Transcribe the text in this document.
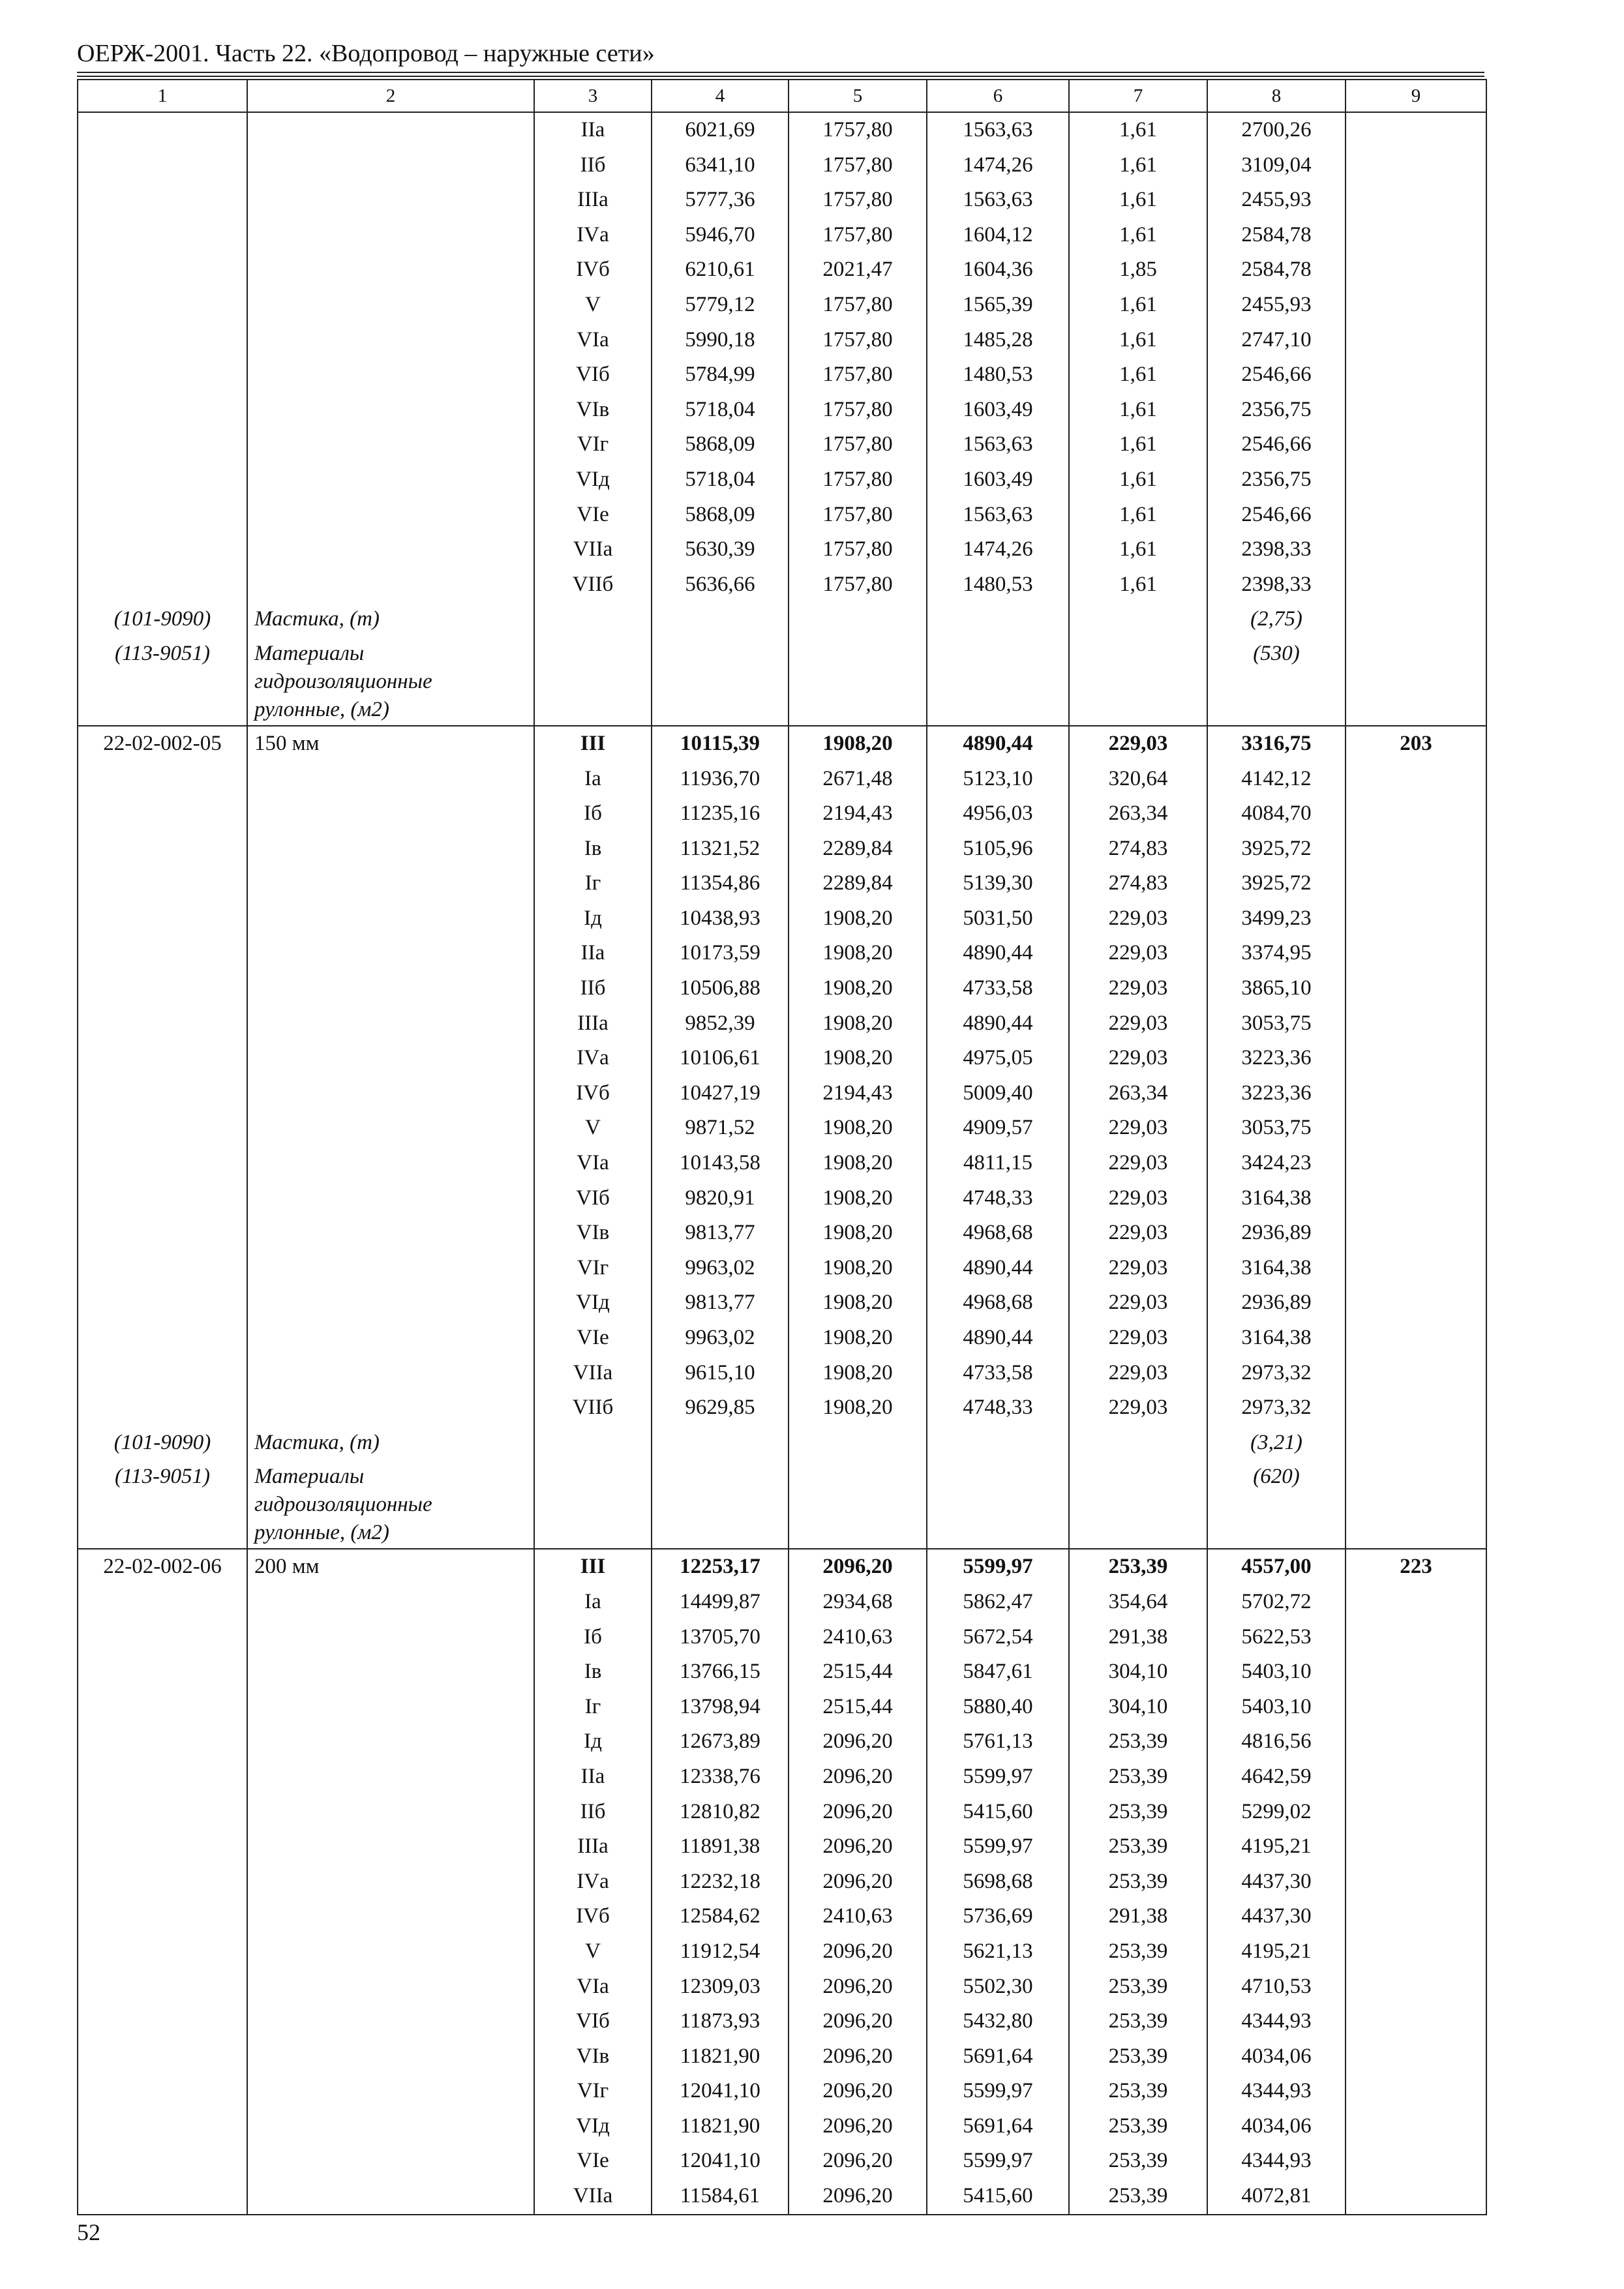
ОЕРЖ-2001. Часть 22. «Водопровод – наружные сети»
1	2	3	4	5	6	7	8	9
		IIа	6021,69	1757,80	1563,63	1,61	2700,26	
		IIб	6341,10	1757,80	1474,26	1,61	3109,04	
		IIIа	5777,36	1757,80	1563,63	1,61	2455,93	
		IVа	5946,70	1757,80	1604,12	1,61	2584,78	
		IVб	6210,61	2021,47	1604,36	1,85	2584,78	
		V	5779,12	1757,80	1565,39	1,61	2455,93	
		VIа	5990,18	1757,80	1485,28	1,61	2747,10	
		VIб	5784,99	1757,80	1480,53	1,61	2546,66	
		VIв	5718,04	1757,80	1603,49	1,61	2356,75	
		VIг	5868,09	1757,80	1563,63	1,61	2546,66	
		VIд	5718,04	1757,80	1603,49	1,61	2356,75	
		VIе	5868,09	1757,80	1563,63	1,61	2546,66	
		VIIа	5630,39	1757,80	1474,26	1,61	2398,33	
		VIIб	5636,66	1757,80	1480,53	1,61	2398,33	
(101-9090)	Мастика, (т)						(2,75)	
(113-9051)	Материалы гидроизоляционные рулонные, (м2)						(530)	
22-02-002-05	150 мм	III	10115,39	1908,20	4890,44	229,03	3316,75	203
		Iа	11936,70	2671,48	5123,10	320,64	4142,12	
		Iб	11235,16	2194,43	4956,03	263,34	4084,70	
		Iв	11321,52	2289,84	5105,96	274,83	3925,72	
		Iг	11354,86	2289,84	5139,30	274,83	3925,72	
		Iд	10438,93	1908,20	5031,50	229,03	3499,23	
		IIа	10173,59	1908,20	4890,44	229,03	3374,95	
		IIб	10506,88	1908,20	4733,58	229,03	3865,10	
		IIIа	9852,39	1908,20	4890,44	229,03	3053,75	
		IVа	10106,61	1908,20	4975,05	229,03	3223,36	
		IVб	10427,19	2194,43	5009,40	263,34	3223,36	
		V	9871,52	1908,20	4909,57	229,03	3053,75	
		VIа	10143,58	1908,20	4811,15	229,03	3424,23	
		VIб	9820,91	1908,20	4748,33	229,03	3164,38	
		VIв	9813,77	1908,20	4968,68	229,03	2936,89	
		VIг	9963,02	1908,20	4890,44	229,03	3164,38	
		VIд	9813,77	1908,20	4968,68	229,03	2936,89	
		VIе	9963,02	1908,20	4890,44	229,03	3164,38	
		VIIа	9615,10	1908,20	4733,58	229,03	2973,32	
		VIIб	9629,85	1908,20	4748,33	229,03	2973,32	
(101-9090)	Мастика, (т)						(3,21)	
(113-9051)	Материалы гидроизоляционные рулонные, (м2)						(620)	
22-02-002-06	200 мм	III	12253,17	2096,20	5599,97	253,39	4557,00	223
		Iа	14499,87	2934,68	5862,47	354,64	5702,72	
		Iб	13705,70	2410,63	5672,54	291,38	5622,53	
		Iв	13766,15	2515,44	5847,61	304,10	5403,10	
		Iг	13798,94	2515,44	5880,40	304,10	5403,10	
		Iд	12673,89	2096,20	5761,13	253,39	4816,56	
		IIа	12338,76	2096,20	5599,97	253,39	4642,59	
		IIб	12810,82	2096,20	5415,60	253,39	5299,02	
		IIIа	11891,38	2096,20	5599,97	253,39	4195,21	
		IVа	12232,18	2096,20	5698,68	253,39	4437,30	
		IVб	12584,62	2410,63	5736,69	291,38	4437,30	
		V	11912,54	2096,20	5621,13	253,39	4195,21	
		VIа	12309,03	2096,20	5502,30	253,39	4710,53	
		VIб	11873,93	2096,20	5432,80	253,39	4344,93	
		VIв	11821,90	2096,20	5691,64	253,39	4034,06	
		VIг	12041,10	2096,20	5599,97	253,39	4344,93	
		VIд	11821,90	2096,20	5691,64	253,39	4034,06	
		VIе	12041,10	2096,20	5599,97	253,39	4344,93	
		VIIа	11584,61	2096,20	5415,60	253,39	4072,81	
52
